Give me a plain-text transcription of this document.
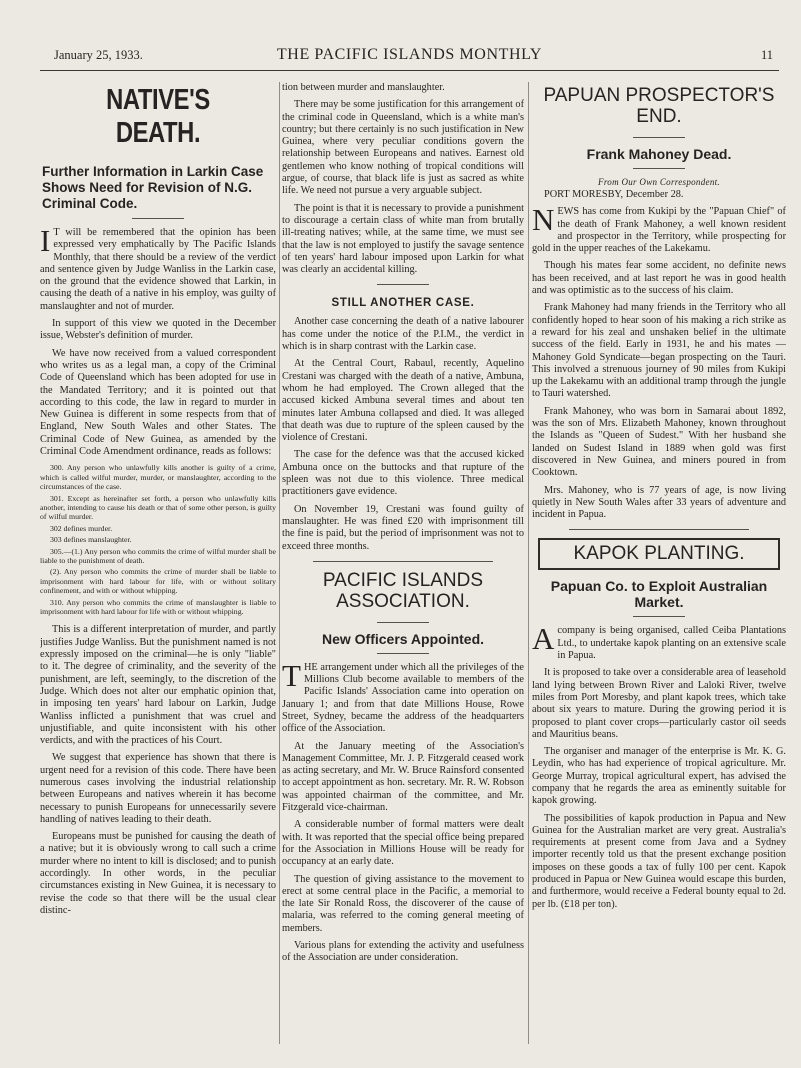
January 25, 1933.	THE PACIFIC ISLANDS MONTHLY	11
NATIVE'S DEATH.
Further Information in Larkin Case Shows Need for Revision of N.G. Criminal Code.

I T will be remembered that the opinion has been expressed very emphatically by The Pacific Islands Monthly, that there should be a review of the verdict and sentence given by Judge Wanliss in the Larkin case, on the ground that the evidence showed that Larkin, in causing the death of a native in his employ, was guilty of manslaughter and not of murder.

In support of this view we quoted in the December issue, Webster's definition of murder.

We have now received from a valued correspondent who writes us as a legal man, a copy of the Criminal Code of Queensland which has been adopted for use in the Mandated Territory; and it is pointed out that according to this code, the law in regard to murder in New Guinea is different in some respects from that of England, New South Wales and other States. The Criminal Code of New Guinea, as amended by the Criminal Code Amendment ordinance, reads as follows:

300. Any person who unlawfully kills another is guilty of a crime, which is called wilful murder, murder, or manslaughter, according to the circumstances of the case.

301. Except as hereinafter set forth, a person who unlawfully kills another, intending to cause his death or that of some other person, is guilty of wilful murder.

302 defines murder.

303 defines manslaughter.

305.—(1.) Any person who commits the crime of wilful murder shall be liable to the punishment of death.

(2). Any person who commits the crime of murder shall be liable to imprisonment with hard labour for life, with or without solitary confinement, and with or without whipping.

310. Any person who commits the crime of manslaughter is liable to imprisonment with hard labour for life with or without whipping.

This is a different interpretation of murder, and partly justifies Judge Wanliss. But the punishment named is not expressly imposed on the criminal—he is only "liable" to it. The degree of criminality, and the severity of the punishment, are left, seemingly, to the discretion of the Judge. Which does not alter our emphatic opinion that, in imposing ten years' hard labour on Larkin, Judge Wanliss inflicted a punishment that was cruel and unjustifiable, and quite inconsistent with his other verdicts, and with the practices of his Court.

We suggest that experience has shown that there is urgent need for a revision of this code. There have been numerous cases involving the industrial relationship between Europeans and natives wherein it has become necessary to punish Europeans for unnecessarily severe handling of natives leading to their death.

Europeans must be punished for causing the death of a native; but it is obviously wrong to call such a crime murder where no intent to kill is disclosed; and to punish accordingly. In other words, in the peculiar circumstances existing in New Guinea, it is necessary to revise the code so that there will be the usual clear distinc-

tion between murder and manslaughter.

There may be some justification for this arrangement of the criminal code in Queensland, which is a white man's country; but there certainly is no such justification in New Guinea, where very peculiar conditions govern the relationship between Europeans and natives. Earnest old gentlemen who know nothing of tropical conditions will argue, of course, that black life is just as sacred as white life. We need not pursue a very arguable subject.

The point is that it is necessary to provide a punishment to discourage a certain class of white man from brutally ill-treating natives; while, at the same time, we must see that the law is not employed to justify the savage sentence of ten years' hard labour imposed upon Larkin for what was clearly an accidental killing.

STILL ANOTHER CASE.

Another case concerning the death of a native labourer has come under the notice of the P.I.M., the verdict in which is in sharp contrast with the Larkin case.

At the Central Court, Rabaul, recently, Aquelino Crestani was charged with the death of a native, Ambuna, whom he had employed. The Crown alleged that the accused kicked Ambuna several times and about ten minutes later Ambuna collapsed and died. It was alleged that death was due to rupture of the spleen caused by the violence of Crestani.

The case for the defence was that the accused kicked Ambuna once on the buttocks and that rupture of the spleen was not due to this violence. Three medical practitioners gave evidence.

On November 19, Crestani was found guilty of manslaughter. He was fined £20 with imprisonment till the fine is paid, but the period of imprisonment was not to exceed three months.

PACIFIC ISLANDS ASSOCIATION.
New Officers Appointed.

THE arrangement under which all the privileges of the Millions Club become available to members of the Pacific Islands' Association came into operation on January 1; and from that date Millions House, Rowe Street, Sydney, became the address of the headquarters office of the Association.

At the January meeting of the Association's Management Committee, Mr. J. P. Fitzgerald ceased work as acting secretary, and Mr. W. Bruce Rainsford consented to accept appointment as hon. secretary. Mr. R. W. Robson was appointed chairman of the committee, and Mr. Fitzgerald vice-chairman.

A considerable number of formal matters were dealt with. It was reported that the special office being prepared for the Association in Millions House will be ready for occupancy at an early date.

The question of giving assistance to the movement to erect at some central place in the Pacific, a memorial to the late Sir Ronald Ross, the discoverer of the cause of malaria, was referred to the coming general meeting of members.

Various plans for extending the activity and usefulness of the Association are under consideration.

PAPUAN PROSPECTOR'S END.
Frank Mahoney Dead.
From Our Own Correspondent.

PORT MORESBY, December 28.

NEWS has come from Kukipi by the "Papuan Chief" of the death of Frank Mahoney, a well known resident and prospector in the Territory, while prospecting for gold in the upper reaches of the Lakekamu.

Though his mates fear some accident, no definite news has been received, and at last report he was in good health and was optimistic as to the success of his claim.

Frank Mahoney had many friends in the Territory who all confidently hoped to hear soon of his making a rich strike as a reward for his zeal and unshaken belief in the ultimate success of the field. Early in 1931, he and his mates —Mahoney Gold Syndicate—began prospecting on the Tauri. This involved a strenuous journey of 90 miles from Kukipi up the Lakekamu with an additional tramp through the jungle to Tauri watershed.

Frank Mahoney, who was born in Samarai about 1892, was the son of Mrs. Elizabeth Mahoney, known throughout the Islands as "Queen of Sudest." With her husband she landed on Sudest Island in 1889 when gold was first discovered in New Guinea, and miners poured in from Cooktown.

Mrs. Mahoney, who is 77 years of age, is now living quietly in New South Wales after 33 years of adventure and incident in Papua.

KAPOK PLANTING.
Papuan Co. to Exploit Australian Market.

Acompany is being organised, called Ceiba Plantations Ltd., to undertake kapok planting on an extensive scale in Papua.

It is proposed to take over a considerable area of leasehold land lying between Brown River and Laloki River, twelve miles from Port Moresby, and plant kapok trees, which take about six years to mature. During the growing period it is proposed to plant cover crops—particularly castor oil seeds and Mauritius beans.

The organiser and manager of the enterprise is Mr. K. G. Leydin, who has had experience of tropical agriculture. Mr. George Murray, tropical agricultural expert, has advised the company that he regards the area as eminently suitable for kapok growing.

The possibilities of kapok production in Papua and New Guinea for the Australian market are very great. Australia's requirements at present come from Java and a Sydney importer recently told us that the present exchange position imposes on these goods a tax of fully 100 per cent. Kapok produced in Papua or New Guinea would escape this burden, and furthermore, would receive a Federal bounty equal to 2d. per lb. (£18 per ton).
